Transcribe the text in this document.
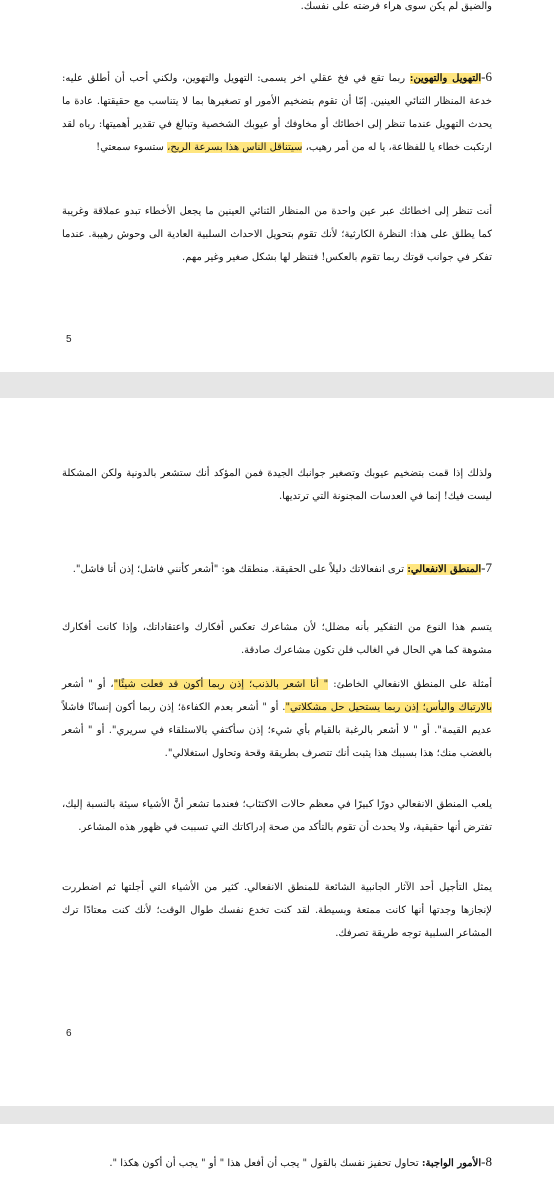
والضيق لم يكن سوى هراء فرضته على نفسك.

6-التهويل والتهوين: ربما تقع في فخ عقلي اخر يسمى: التهويل والتهوين، ولكني أحب أن أطلق عليه: خدعة المنظار الثنائي العينين. إمّا أن تقوم بتضخيم الأمور او تصغيرها بما لا يتناسب مع حقيقتها. عادة ما يحدث التهويل عندما تنظر إلى اخطائك أو مخاوفك أو عيوبك الشخصية وتبالغ في تقدير أهميتها: رباه لقد ارتكبت خطاء يا للفظاعة، يا له من أمر رهيب، سيتناقل الناس هذا بسرعة الريح، ستسوء سمعتي!

أنت تنظر إلى اخطائك عبر عين واحدة من المنظار الثنائي العينين ما يجعل الأخطاء تبدو عملاقة وغريبة كما يطلق على هذا: النظرة الكارثية؛ لأنك تقوم بتحويل الاحداث السلبية العادية الى وحوش رهيبة. عندما تفكر في جوانب قوتك ربما تقوم بالعكس! فتنظر لها بشكل صغير وغير مهم.

5

ولذلك إذا قمت بتضخيم عيوبك وتصغير جوانبك الجيدة فمن المؤكد أنك ستشعر بالدونية ولكن المشكلة ليست فيك! إنما في العدسات المجنونة التي ترتديها.

7-المنطق الانفعالي: ترى انفعالاتك دليلاً على الحقيقة. منطقك هو: "أشعر كأنني فاشل؛ إذن أنا فاشل".

يتسم هذا النوع من التفكير بأنه مضلل؛ لأن مشاعرك تعكس أفكارك واعتقاداتك، وإذا كانت أفكارك مشوهة كما هي الحال في الغالب فلن تكون مشاعرك صادقة.

أمثلة على المنطق الانفعالي الخاطئ: " أنا اشعر بالذنب؛ إذن ربما أكون قد فعلت شيئًا"، أو " أشعر بالارتباك واليأس؛ إذن ربما يستحيل حل مشكلاتي". أو " أشعر بعدم الكفاءة؛ إذن ربما أكون إنسانًا فاشلاً عديم القيمة". أو " لا أشعر بالرغبة بالقيام بأي شيء؛ إذن سأكتفي بالاستلقاء في سريري". أو " أشعر بالغضب منك؛ هذا بسببك هذا يثبت أنك تتصرف بطريقة وقحة وتحاول استغلالي".

يلعب المنطق الانفعالي دورًا كبيرًا في معظم حالات الاكتئاب؛ فعندما تشعر أنَّ الأشياء سيئة بالنسبة إليك، تفترض أنها حقيقية، ولا يحدث أن تقوم بالتأكد من صحة إدراكاتك التي تسببت في ظهور هذه المشاعر.

يمثل التأجيل أحد الآثار الجانبية الشائعة للمنطق الانفعالي. كثير من الأشياء التي أجلتها ثم اضطررت لإنجازها وجدتها أنها كانت ممتعة وبسيطة. لقد كنت تخدع نفسك طوال الوقت؛ لأنك كنت معتادًا ترك المشاعر السلبية توجه طريقة تصرفك.

6

8-الأمور الواجبة: تحاول تحفيز نفسك بالقول " يجب أن أفعل هذا " أو " يجب أن أكون هكذا ".
